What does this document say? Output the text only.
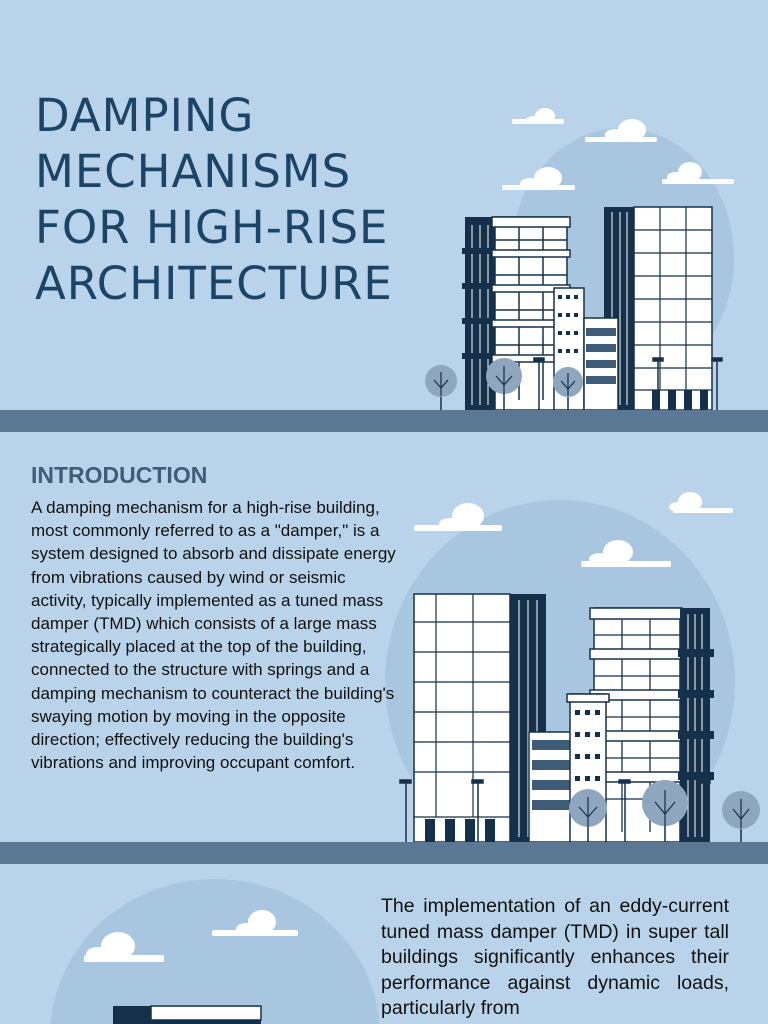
DAMPING
MECHANISMS
FOR HIGH-RISE
ARCHITECTURE
INTRODUCTION

A damping mechanism for a high-rise building, most commonly referred to as a "damper," is a system designed to absorb and dissipate energy from vibrations caused by wind or seismic activity, typically implemented as a tuned mass damper (TMD) which consists of a large mass strategically placed at the top of the building, connected to the structure with springs and a damping mechanism to counteract the building's swaying motion by moving in the opposite direction; effectively reducing the building's vibrations and improving occupant comfort.

The implementation of an eddy-current tuned mass damper (TMD) in super tall buildings significantly enhances their performance against dynamic loads, particularly from
